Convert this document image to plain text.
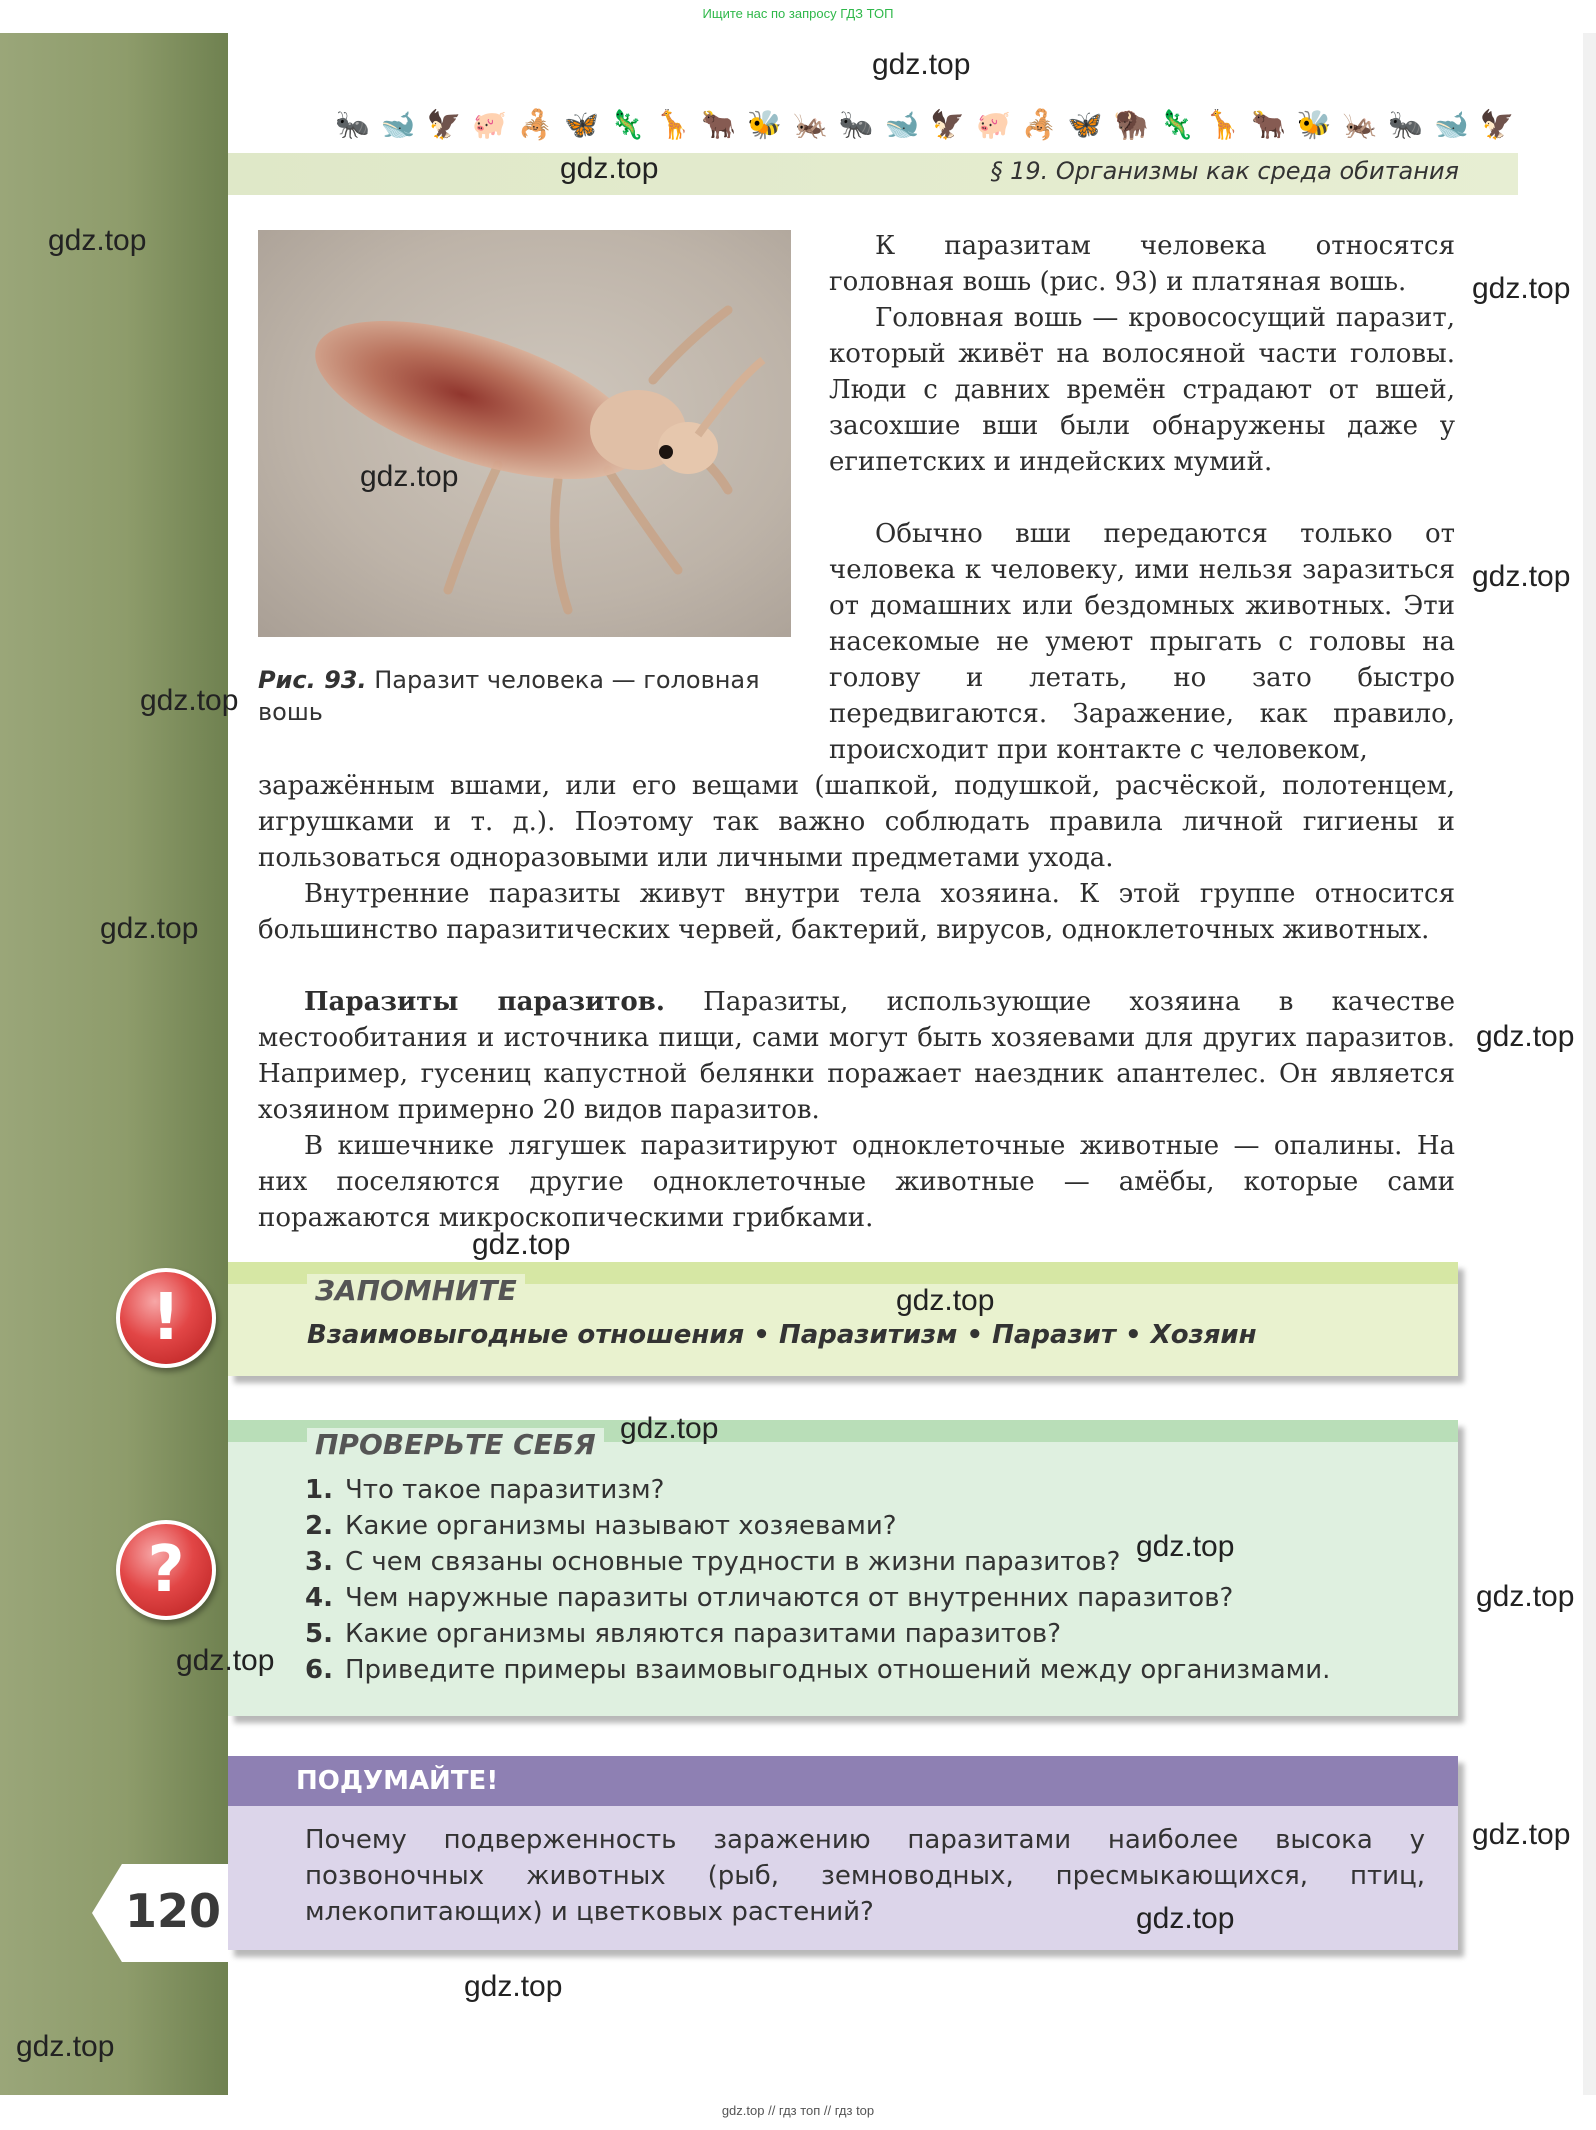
Ищите нас по запросу ГДЗ ТОП
🐜 🐋 🦅 🐖 🦂 🦋 🦎 🦒 🐂 🐝 🦗 🐜 🐋 🦅 🐖 🦂 🦋 🦬 🦎 🦒 🐂 🐝 🦗 🐜 🐋 🦅
§ 19. Организмы как среда обитания
Рис. 93. Паразит человека — головная вошь
К паразитам человека относятся головная вошь (рис. 93) и платяная вошь.
Головная вошь — кровососущий паразит, который живёт на волосяной части головы. Люди с давних времён страдают от вшей, засохшие вши были обнаружены даже у египетских и индейских мумий.
Обычно вши передаются только от человека к человеку, ими нельзя заразиться от домашних или бездомных животных. Эти насекомые не умеют прыгать с головы на голову и летать, но зато быстро передвигаются. Заражение, как правило, происходит при контакте с человеком,
заражённым вшами, или его вещами (шапкой, подушкой, расчёской, полотенцем, игрушками и т. д.). Поэтому так важно соблюдать правила личной гигиены и пользоваться одноразовыми или личными предметами ухода.
Внутренние паразиты живут внутри тела хозяина. К этой группе относится большинство паразитических червей, бактерий, вирусов, одноклеточных животных.
Паразиты паразитов. Паразиты, использующие хозяина в качестве местообитания и источника пищи, сами могут быть хозяевами для других паразитов. Например, гусениц капустной белянки поражает наездник апантелес. Он является хозяином примерно 20 видов паразитов.
В кишечнике лягушек паразитируют одноклеточные животные — опалины. На них поселяются другие одноклеточные животные — амёбы, которые сами поражаются микроскопическими грибками.
ЗАПОМНИТЕ
Взаимовыгодные отношения • Паразитизм • Паразит • Хозяин
!
ПРОВЕРЬТЕ СЕБЯ
1. Что такое паразитизм?
2. Какие организмы называют хозяевами?
3. С чем связаны основные трудности в жизни паразитов?
4. Чем наружные паразиты отличаются от внутренних паразитов?
5. Какие организмы являются паразитами паразитов?
6. Приведите примеры взаимовыгодных отношений между организмами.
?
ПОДУМАЙТЕ!
Почему подверженность заражению паразитами наиболее высока у позвоночных животных (рыб, земноводных, пресмыкающихся, птиц, млекопитающих) и цветковых растений?
120
gdz.top
gdz.top
gdz.top
gdz.top
gdz.top
gdz.top
gdz.top
gdz.top
gdz.top
gdz.top
gdz.top
gdz.top
gdz.top
gdz.top
gdz.top
gdz.top
gdz.top
gdz.top
gdz.top
gdz.top // гдз топ // гдз top
